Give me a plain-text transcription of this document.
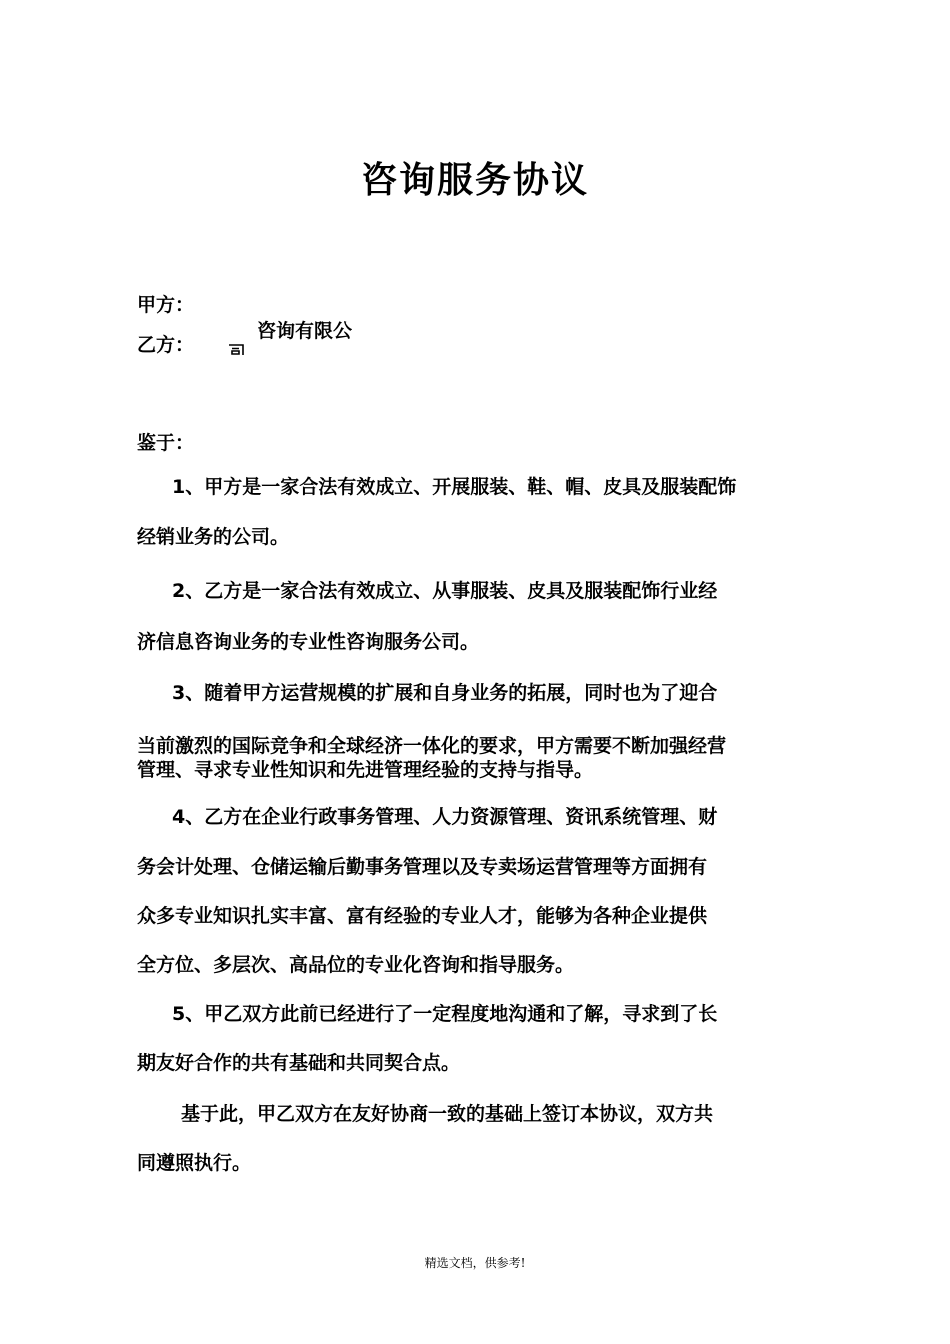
咨询服务协议
甲方：
乙方：
咨询有限公
鉴于：
1、甲方是一家合法有效成立、开展服装、鞋、帽、皮具及服装配饰
经销业务的公司。
2、乙方是一家合法有效成立、从事服装、皮具及服装配饰行业经
济信息咨询业务的专业性咨询服务公司。
3、随着甲方运营规模的扩展和自身业务的拓展，同时也为了迎合
当前激烈的国际竞争和全球经济一体化的要求，甲方需要不断加强经营
管理、寻求专业性知识和先进管理经验的支持与指导。
4、乙方在企业行政事务管理、人力资源管理、资讯系统管理、财
务会计处理、仓储运输后勤事务管理以及专卖场运营管理等方面拥有
众多专业知识扎实丰富、富有经验的专业人才，能够为各种企业提供
全方位、多层次、高品位的专业化咨询和指导服务。
5、甲乙双方此前已经进行了一定程度地沟通和了解，寻求到了长
期友好合作的共有基础和共同契合点。
基于此，甲乙双方在友好协商一致的基础上签订本协议，双方共
同遵照执行。
精选文档，供参考!
